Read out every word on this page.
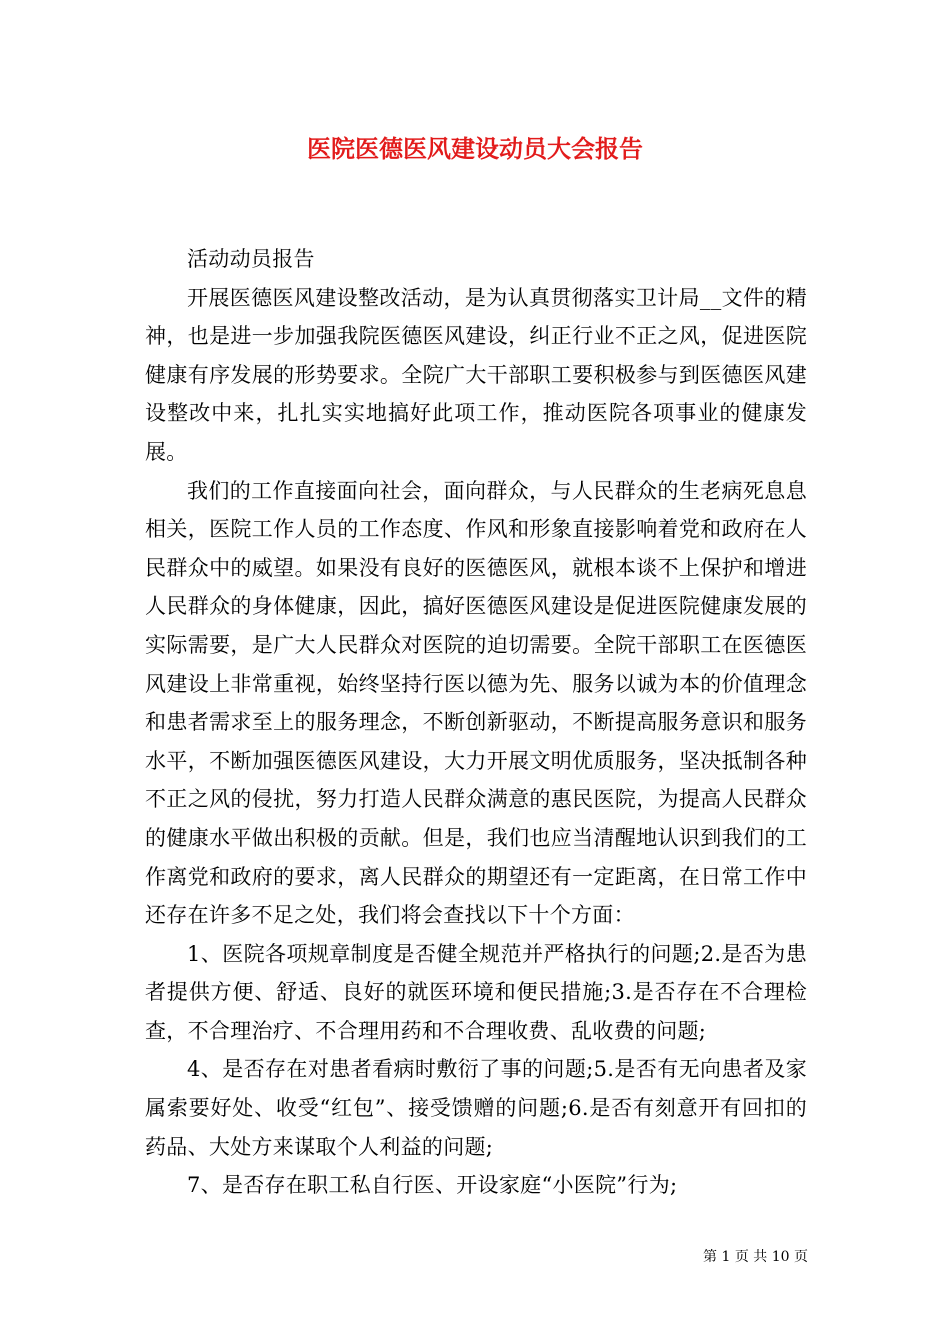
医院医德医风建设动员大会报告

活动动员报告

开展医德医风建设整改活动，是为认真贯彻落实卫计局__文件的精神，也是进一步加强我院医德医风建设，纠正行业不正之风，促进医院健康有序发展的形势要求。全院广大干部职工要积极参与到医德医风建设整改中来，扎扎实实地搞好此项工作，推动医院各项事业的健康发展。

我们的工作直接面向社会，面向群众，与人民群众的生老病死息息相关，医院工作人员的工作态度、作风和形象直接影响着党和政府在人民群众中的威望。如果没有良好的医德医风，就根本谈不上保护和增进人民群众的身体健康，因此，搞好医德医风建设是促进医院健康发展的实际需要，是广大人民群众对医院的迫切需要。全院干部职工在医德医风建设上非常重视，始终坚持行医以德为先、服务以诚为本的价值理念和患者需求至上的服务理念，不断创新驱动，不断提高服务意识和服务水平，不断加强医德医风建设，大力开展文明优质服务，坚决抵制各种不正之风的侵扰，努力打造人民群众满意的惠民医院，为提高人民群众的健康水平做出积极的贡献。但是，我们也应当清醒地认识到我们的工作离党和政府的要求，离人民群众的期望还有一定距离，在日常工作中还存在许多不足之处，我们将会查找以下十个方面：

1、医院各项规章制度是否健全规范并严格执行的问题;2.是否为患者提供方便、舒适、良好的就医环境和便民措施;3.是否存在不合理检查，不合理治疗、不合理用药和不合理收费、乱收费的问题;

4、是否存在对患者看病时敷衍了事的问题;5.是否有无向患者及家属索要好处、收受“红包”、接受馈赠的问题;6.是否有刻意开有回扣的药品、大处方来谋取个人利益的问题;

7、是否存在职工私自行医、开设家庭“小医院”行为;

第 1 页 共 10 页
